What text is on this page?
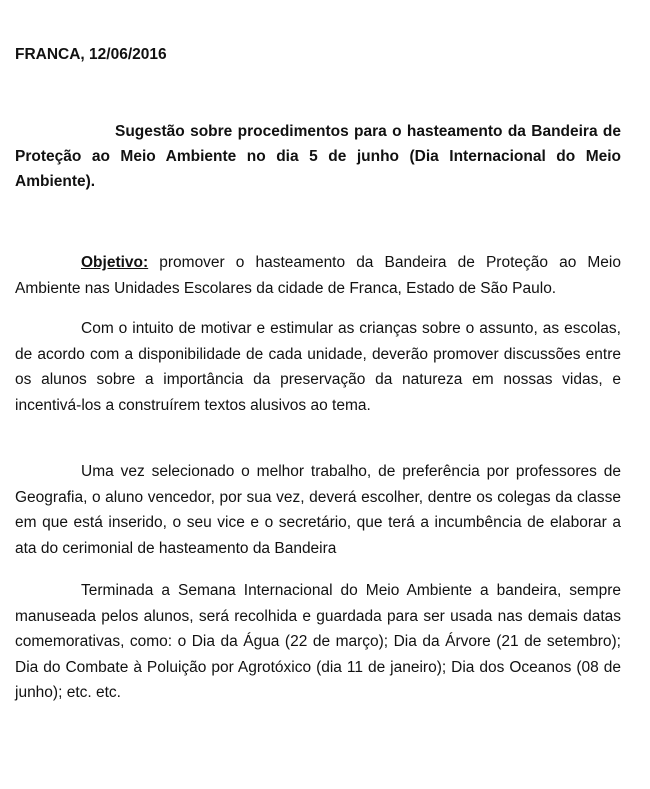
FRANCA, 12/06/2016
Sugestão sobre procedimentos para o hasteamento da Bandeira de Proteção ao Meio Ambiente no dia 5 de junho (Dia Internacional do Meio Ambiente).

Objetivo: promover o hasteamento da Bandeira de Proteção ao Meio Ambiente nas Unidades Escolares da cidade de Franca, Estado de São Paulo.

Com o intuito de motivar e estimular as crianças sobre o assunto, as escolas, de acordo com a disponibilidade de cada unidade, deverão promover discussões entre os alunos sobre a importância da preservação da natureza em nossas vidas, e incentivá-los a construírem textos alusivos ao tema.

Uma vez selecionado o melhor trabalho, de preferência por professores de Geografia, o aluno vencedor, por sua vez, deverá escolher, dentre os colegas da classe em que está inserido, o seu vice e o secretário, que terá a incumbência de elaborar a ata do cerimonial de hasteamento da Bandeira

Terminada a Semana Internacional do Meio Ambiente a bandeira, sempre manuseada pelos alunos, será recolhida e guardada para ser usada nas demais datas comemorativas, como: o Dia da Água (22 de março); Dia da Árvore (21 de setembro); Dia do Combate à Poluição por Agrotóxico (dia 11 de janeiro); Dia dos Oceanos (08 de junho); etc. etc.
